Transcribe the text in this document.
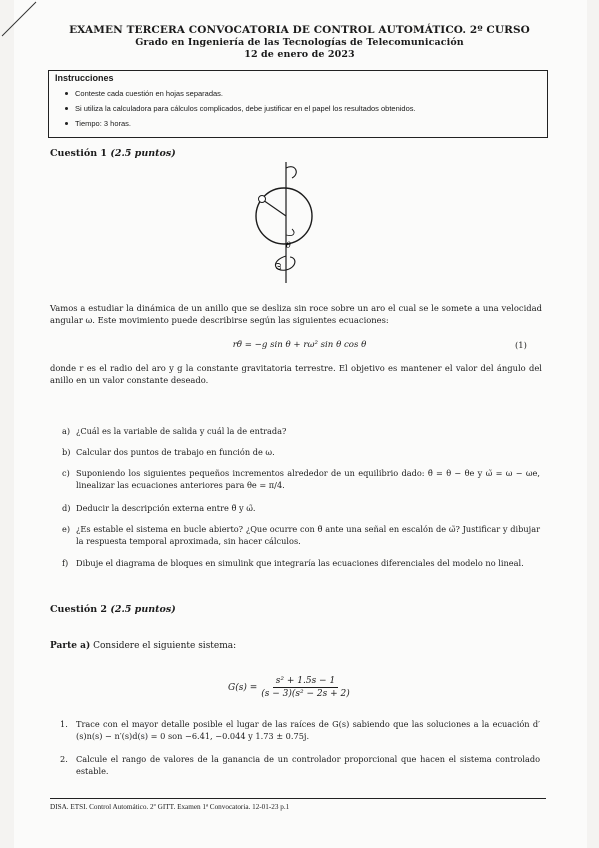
EXAMEN TERCERA CONVOCATORIA DE CONTROL AUTOMÁTICO. 2º CURSO
Grado en Ingeniería de las Tecnologías de Telecomunicación
12 de enero de 2023
Instrucciones
Conteste cada cuestión en hojas separadas.
Si utiliza la calculadora para cálculos complicados, debe justificar en el papel los resultados obtenidos.
Tiempo: 3 horas.
Cuestión 1 (2.5 puntos)
θ
ω
Vamos a estudiar la dinámica de un anillo que se desliza sin roce sobre un aro el cual se le somete a una velocidad angular ω. Este movimiento puede describirse según las siguientes ecuaciones:
rθ̈ = −g sin θ + rω² sin θ cos θ	(1)
donde r es el radio del aro y g la constante gravitatoria terrestre. El objetivo es mantener el valor del ángulo del anillo en un valor constante deseado.
a) ¿Cuál es la variable de salida y cuál la de entrada?
b) Calcular dos puntos de trabajo en función de ω.
c) Suponiendo los siguientes pequeños incrementos alrededor de un equilibrio dado: θ̃ = θ − θe y ω̃ = ω − ωe, linealizar las ecuaciones anteriores para θe = π/4.
d) Deducir la descripción externa entre θ̃ y ω̃.
e) ¿Es estable el sistema en bucle abierto? ¿Que ocurre con θ̃ ante una señal en escalón de ω̃? Justificar y dibujar la respuesta temporal aproximada, sin hacer cálculos.
f) Dibuje el diagrama de bloques en simulink que integraría las ecuaciones diferenciales del modelo no lineal.
Cuestión 2 (2.5 puntos)
Parte a) Considere el siguiente sistema:
$G(s) = \frac{\text{s² + 1.5s − 1}}{\text{(s − 3)(s² − 2s + 2)}}$
1. Trace con el mayor detalle posible el lugar de las raíces de G(s) sabiendo que las soluciones a la ecuación d′(s)n(s) − n′(s)d(s) = 0 son −6.41, −0.044 y 1.73 ± 0.75j.
2. Calcule el rango de valores de la ganancia de un controlador proporcional que hacen el sistema controlado estable.
DISA. ETSI. Control Automático. 2º GITT. Examen 1ª Convocatoria. 12-01-23 p.1
